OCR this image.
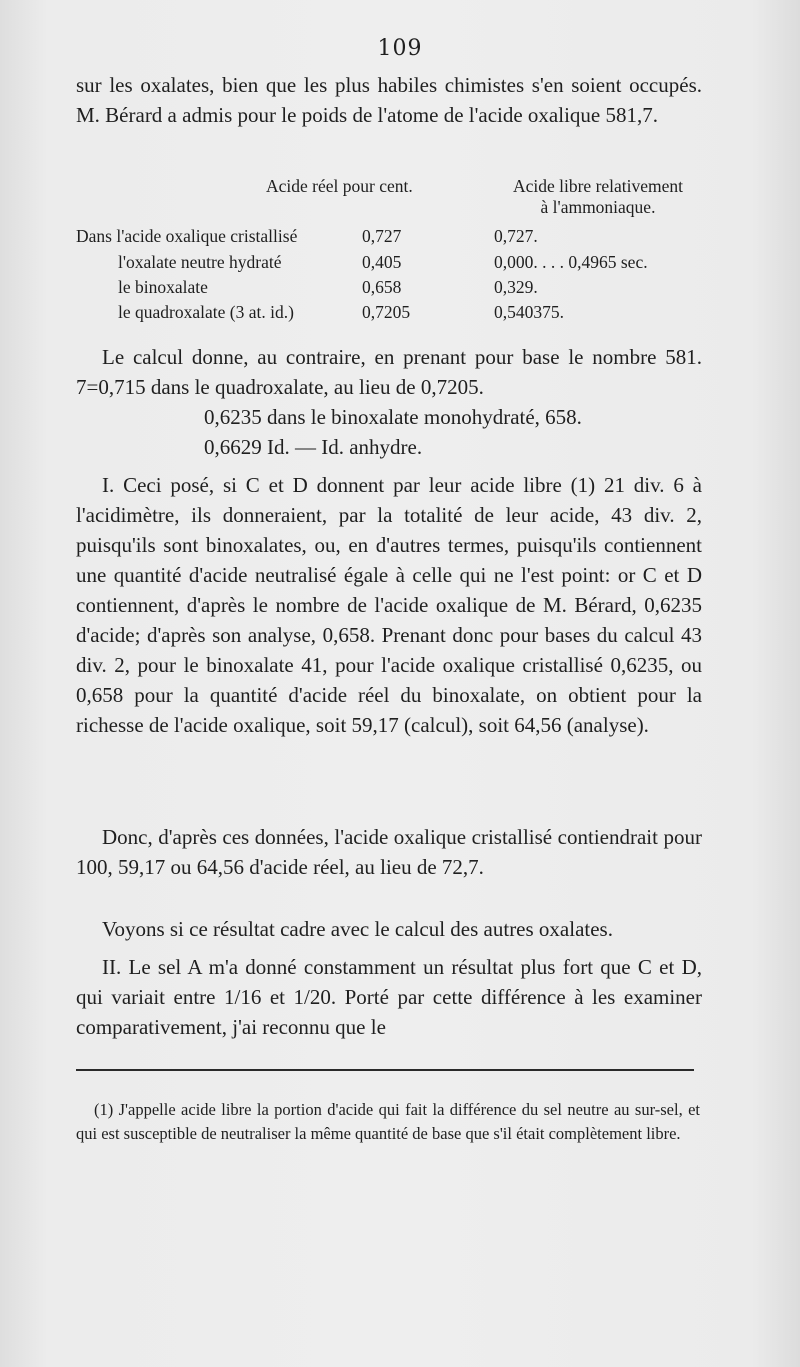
109
sur les oxalates, bien que les plus habiles chimistes s'en soient occupés. M. Bérard a admis pour le poids de l'atome de l'acide oxalique 581,7.
Acide réel pour cent.	Acide libre relativement
à l'ammoniaque.
Dans l'acide oxalique cristallisé	0,727	0,727.
l'oxalate neutre hydraté	0,405	0,000. . . . 0,4965 sec.
le binoxalate	0,658	0,329.
le quadroxalate (3 at. id.)	0,7205	0,540375.
Le calcul donne, au contraire, en prenant pour base le nombre 581. 7=0,715 dans le quadroxalate, au lieu de 0,7205.
0,6235 dans le binoxalate monohydraté, 658.
0,6629 Id. — Id. anhydre.
I. Ceci posé, si C et D donnent par leur acide libre (1) 21 div. 6 à l'acidimètre, ils donneraient, par la totalité de leur acide, 43 div. 2, puisqu'ils sont binoxalates, ou, en d'autres termes, puisqu'ils contiennent une quantité d'acide neutralisé égale à celle qui ne l'est point: or C et D contiennent, d'après le nombre de l'acide oxalique de M. Bérard, 0,6235 d'acide; d'après son analyse, 0,658. Prenant donc pour bases du calcul 43 div. 2, pour le binoxalate 41, pour l'acide oxalique cristallisé 0,6235, ou 0,658 pour la quantité d'acide réel du binoxalate, on obtient pour la richesse de l'acide oxalique, soit 59,17 (calcul), soit 64,56 (analyse).
Donc, d'après ces données, l'acide oxalique cristallisé contiendrait pour 100, 59,17 ou 64,56 d'acide réel, au lieu de 72,7.
Voyons si ce résultat cadre avec le calcul des autres oxalates.
II. Le sel A m'a donné constamment un résultat plus fort que C et D, qui variait entre 1/16 et 1/20. Porté par cette différence à les examiner comparativement, j'ai reconnu que le
(1) J'appelle acide libre la portion d'acide qui fait la différence du sel neutre au sur-sel, et qui est susceptible de neutraliser la même quantité de base que s'il était complètement libre.
